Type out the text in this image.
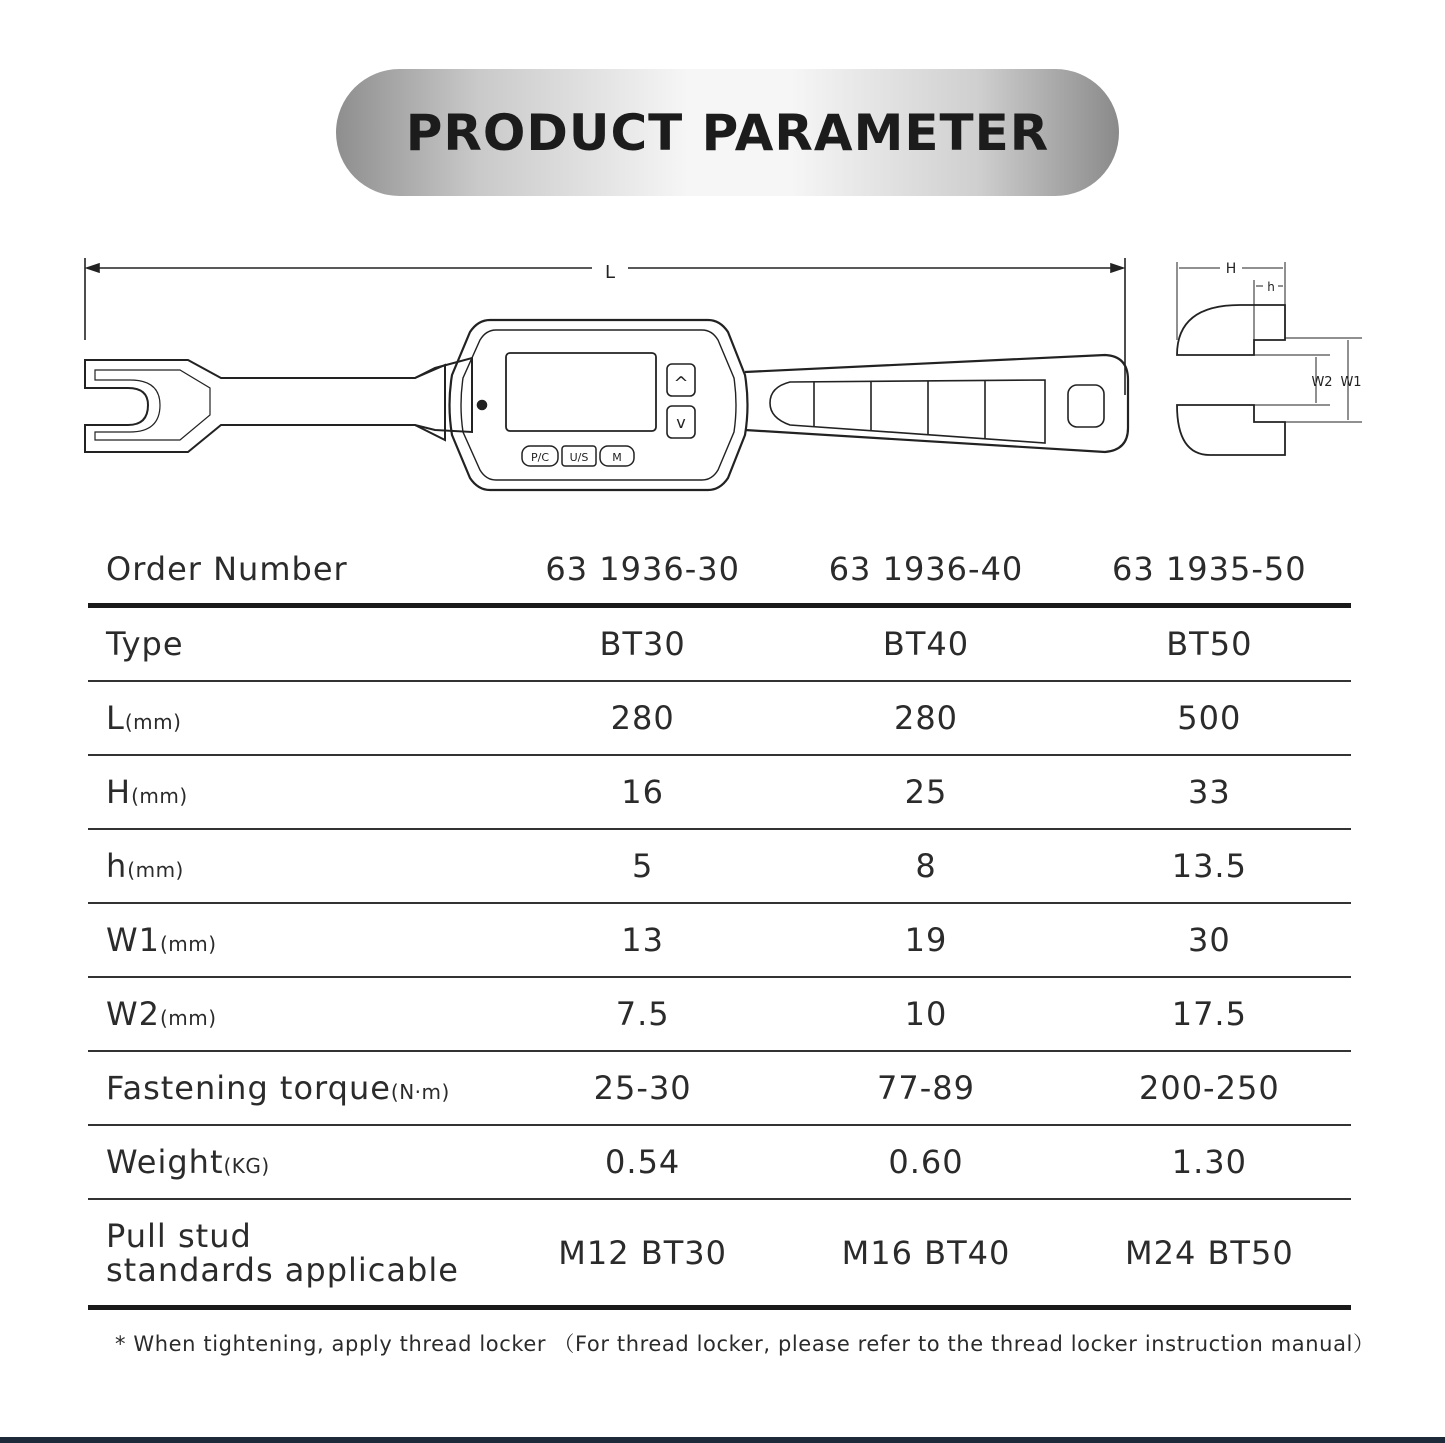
PRODUCT PARAMETER
L	H
h
W2 W1
^
v
P/C U/S M
Order Number	63 1936-30	63 1936-40	63 1935-50
Type	BT30	BT40	BT50
L(mm)	280	280	500
H(mm)	16	25	33
h(mm)	5	8	13.5
W1(mm)	13	19	30
W2(mm)	7.5	10	17.5
Fastening torque(N·m)	25-30	77-89	200-250
Weight(KG)	0.54	0.60	1.30

Pull stud
standards applicable	M12 BT30	M16 BT40	M24 BT50
* When tightening, apply thread locker （For thread locker, please refer to the thread locker instruction manual）
